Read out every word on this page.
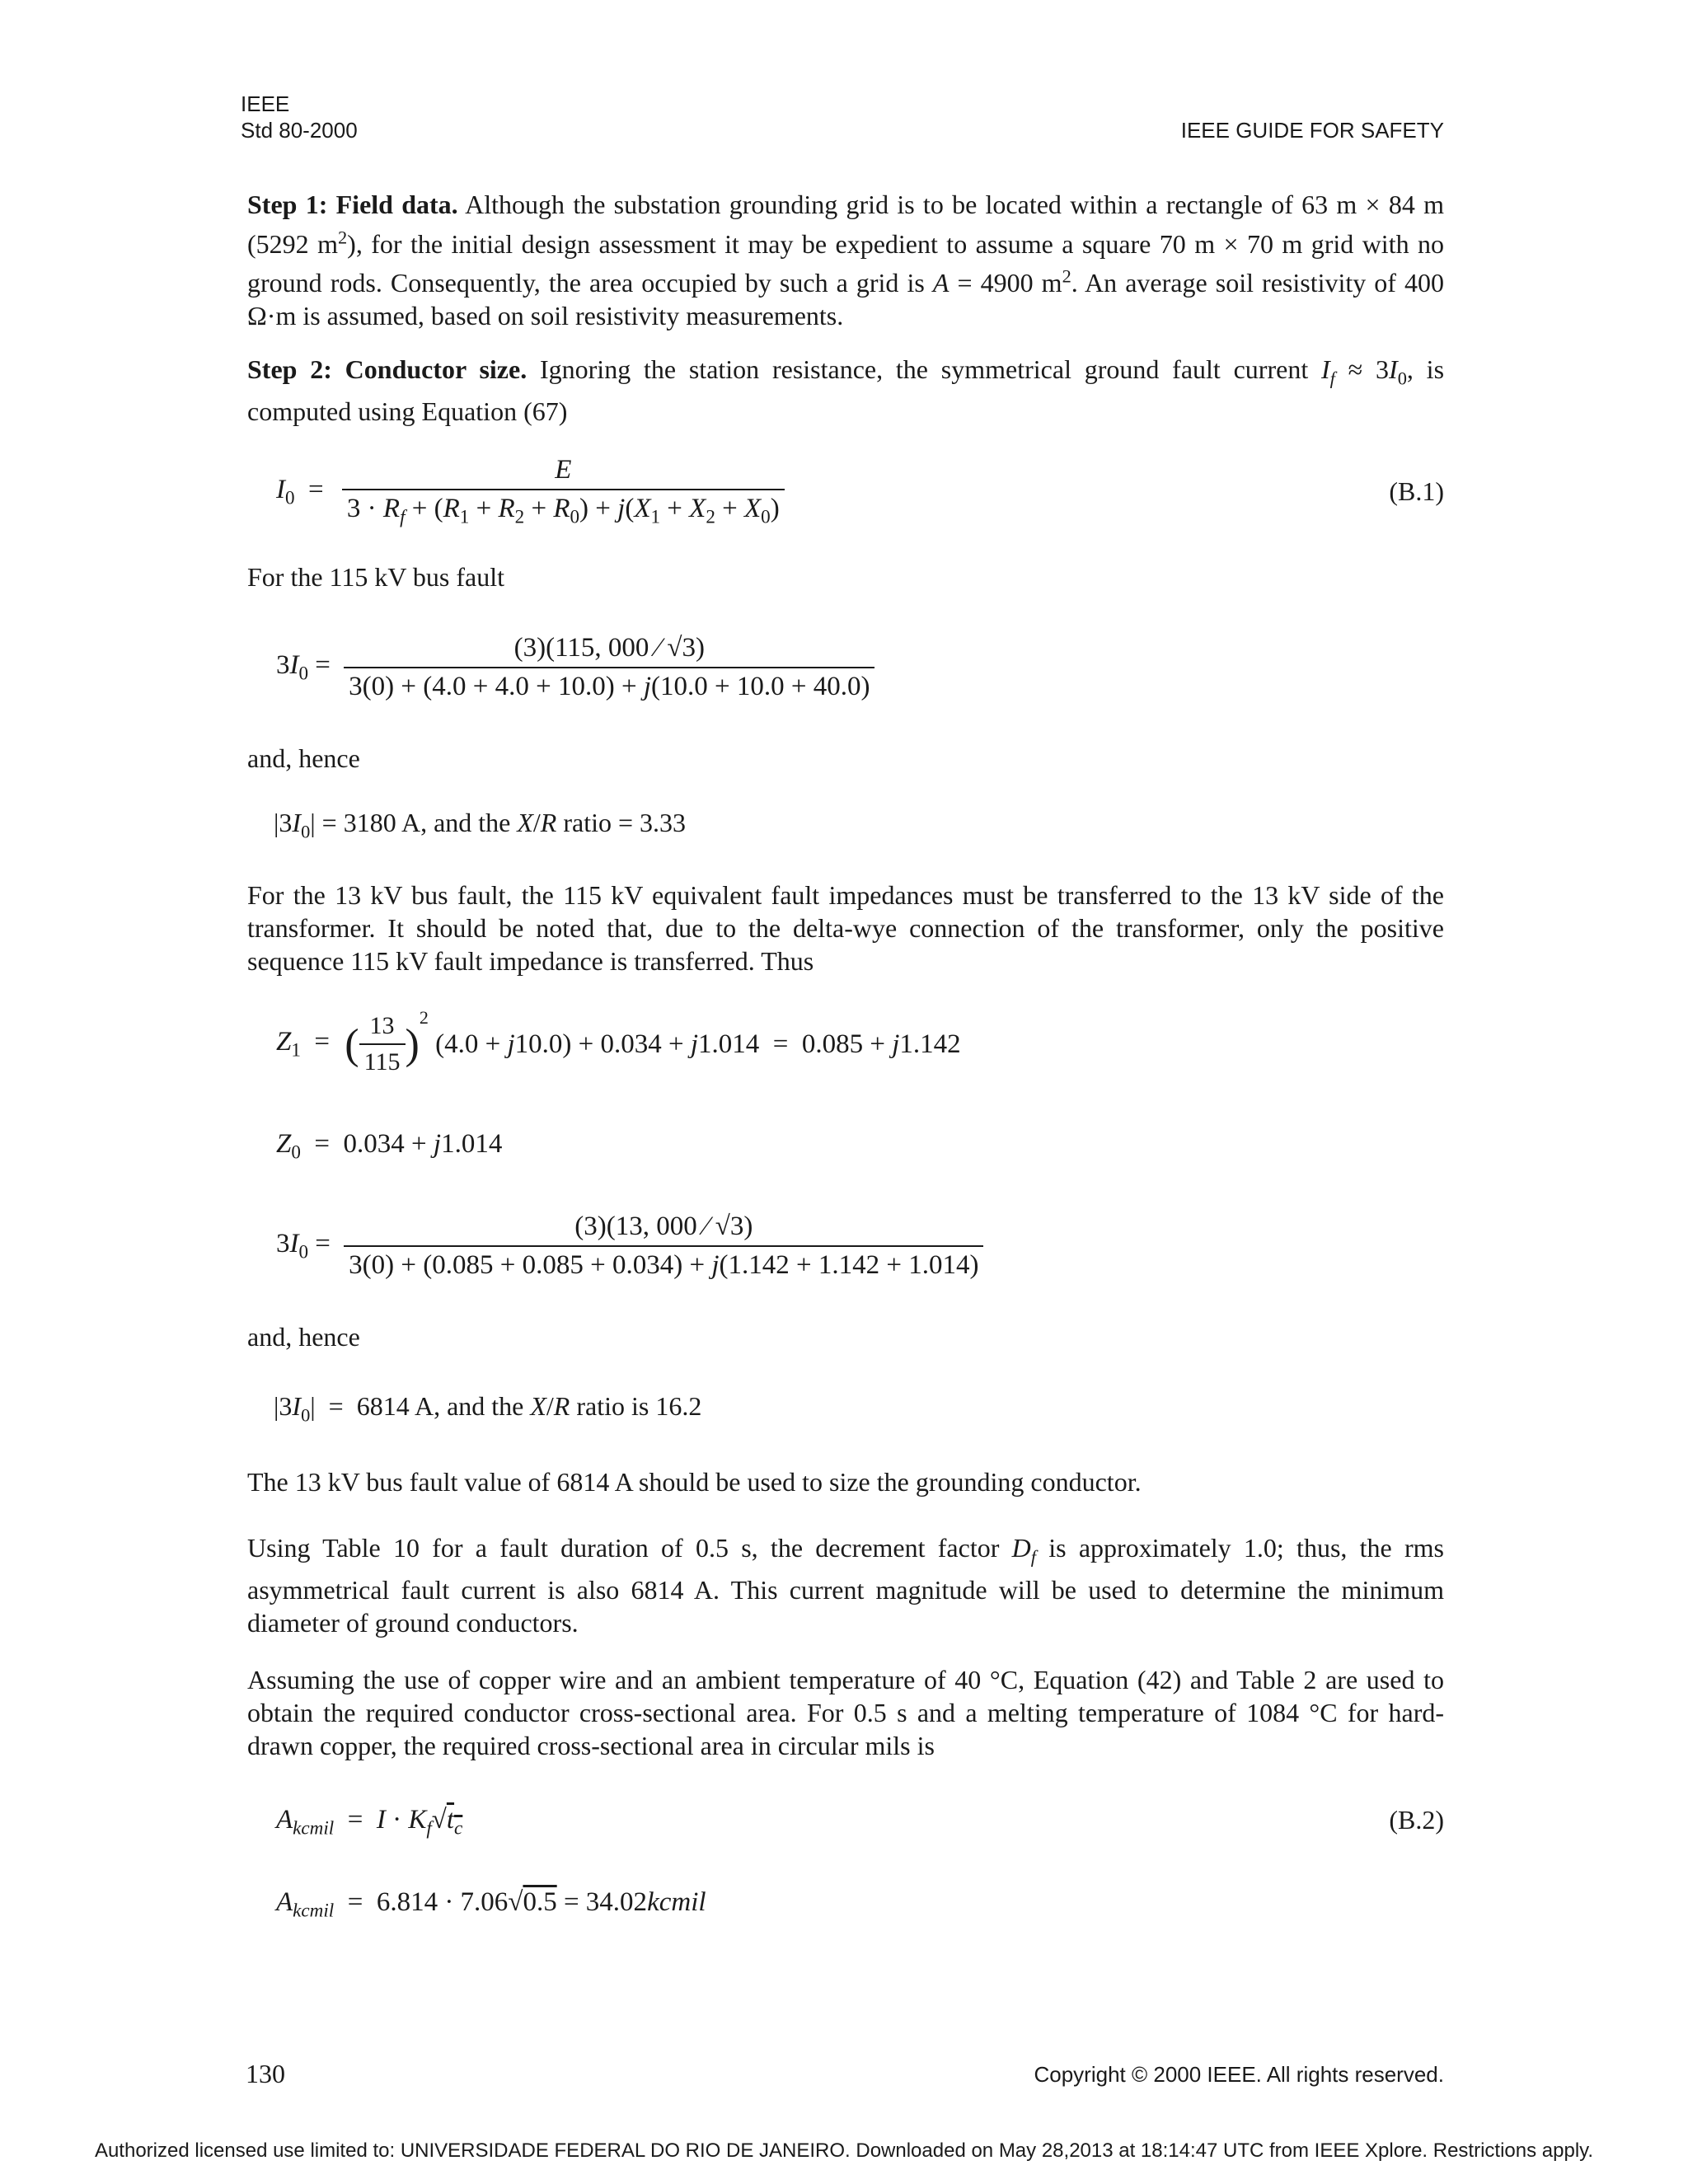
IEEE
Std 80-2000	IEEE GUIDE FOR SAFETY
Step 1: Field data. Although the substation grounding grid is to be located within a rectangle of 63 m × 84 m (5292 $m^2$), for the initial design assessment it may be expedient to assume a square 70 m × 70 m grid with no ground rods. Consequently, the area occupied by such a grid is A = 4900 $m^2$. An average soil resistivity of 400 Ω·m is assumed, based on soil resistivity measurements.
Step 2: Conductor size. Ignoring the station resistance, the symmetrical ground fault current $I_f \approx 3I_0$, is computed using Equation (67)
$I_0 = \frac{E}{3 \cdot R_f + (R_1 + R_2 + R_0) + j(X_1 + X_2 + X_0)}$	(B.1)
For the 115 kV bus fault
$3I_0 = \frac{(3)(115, 000 ⁄ √3)}{3(0) + (4.0 + 4.0 + 10.0) + j(10.0 + 10.0 + 40.0)}$
and, hence
$|3I_0| = 3180$ A, and the X/R ratio = 3.33
For the 13 kV bus fault, the 115 kV equivalent fault impedances must be transferred to the 13 kV side of the transformer. It should be noted that, due to the delta-wye connection of the transformer, only the positive sequence 115 kV fault impedance is transferred. Thus
$Z_1$  = ( $\frac{13}{115} )2$ (4.0 + j10.0) + 0.034 + j1.014  =  0.085 + j1.142
$Z_0 = 0.034 + j1.014$
$3I_0 = \frac{(3)(13, 000 ⁄ √3)}{3(0) + (0.085 + 0.085 + 0.034) + j(1.142 + 1.142 + 1.014)}$
and, hence
$|3I_0| = 6814$ A, and the X/R ratio is 16.2
The 13 kV bus fault value of 6814 A should be used to size the grounding conductor.
Using Table 10 for a fault duration of 0.5 s, the decrement factor $D_f$ is approximately 1.0; thus, the rms asymmetrical fault current is also 6814 A. This current magnitude will be used to determine the minimum diameter of ground conductors.
Assuming the use of copper wire and an ambient temperature of 40 °C, Equation (42) and Table 2 are used to obtain the required conductor cross-sectional area. For 0.5 s and a melting temperature of 1084 °C for hard-drawn copper, the required cross-sectional area in circular mils is
$A_{kcmil} = I \cdot K_f√t_c$	(B.2)
$A_{kcmil} = 6.814 \cdot 7.06√0.5$ = 34.02kcmil
130	Copyright © 2000 IEEE. All rights reserved.
Authorized licensed use limited to: UNIVERSIDADE FEDERAL DO RIO DE JANEIRO. Downloaded on May 28,2013 at 18:14:47 UTC from IEEE Xplore. Restrictions apply.
